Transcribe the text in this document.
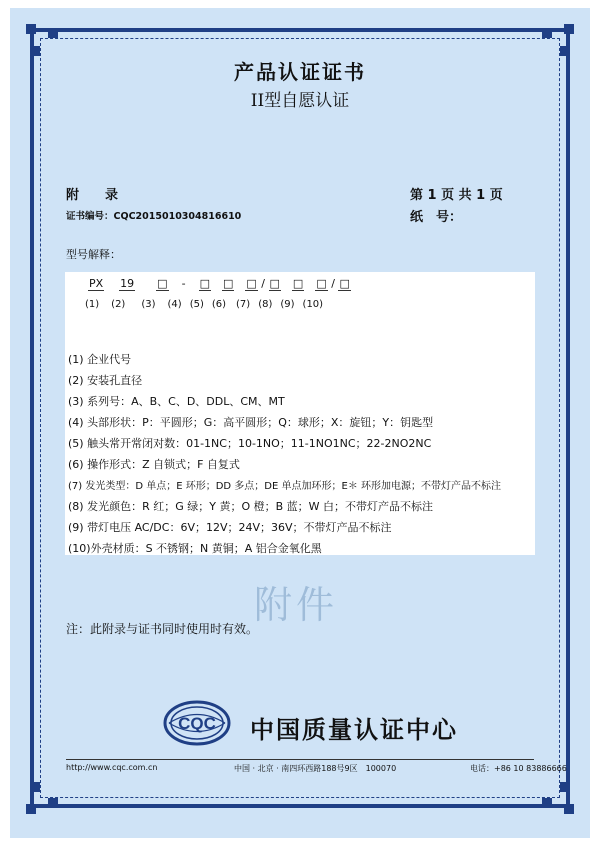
产品认证证书
II型自愿认证
附　　录	第 1 页 共 1 页
证书编号：CQC2015010304816610	纸　号：
型号解释：
PX 19 □ - □ □ □ / □ □ □ / □
(1) (2) (3) (4) (5) (6) (7) (8) (9) (10)
(1) 企业代号
(2) 安装孔直径
(3) 系列号：A、B、C、D、DDL、CM、MT
(4) 头部形状：P：平圆形；G：高平圆形；Q：球形；X：旋钮；Y：钥匙型
(5) 触头常开常闭对数：01-1NC；10-1NO；11-1NO1NC；22-2NO2NC
(6) 操作形式：Z 自锁式；F 自复式
(7) 发光类型：D 单点；E 环形；DD 多点；DE 单点加环形；E＊ 环形加电源；不带灯产品不标注
(8) 发光颜色：R 红；G 绿；Y 黄；O 橙；B 蓝；W 白；不带灯产品不标注
(9) 带灯电压 AC/DC：6V；12V；24V；36V；不带灯产品不标注
(10)外壳材质：S 不锈钢；N 黄铜；A 铝合金氧化黑
附件
注：此附录与证书同时使用时有效。
CQC 中国质量认证中心
http://www.cqc.com.cn	中国 · 北京 · 南四环西路188号9区　100070	电话：+86 10 83886666
